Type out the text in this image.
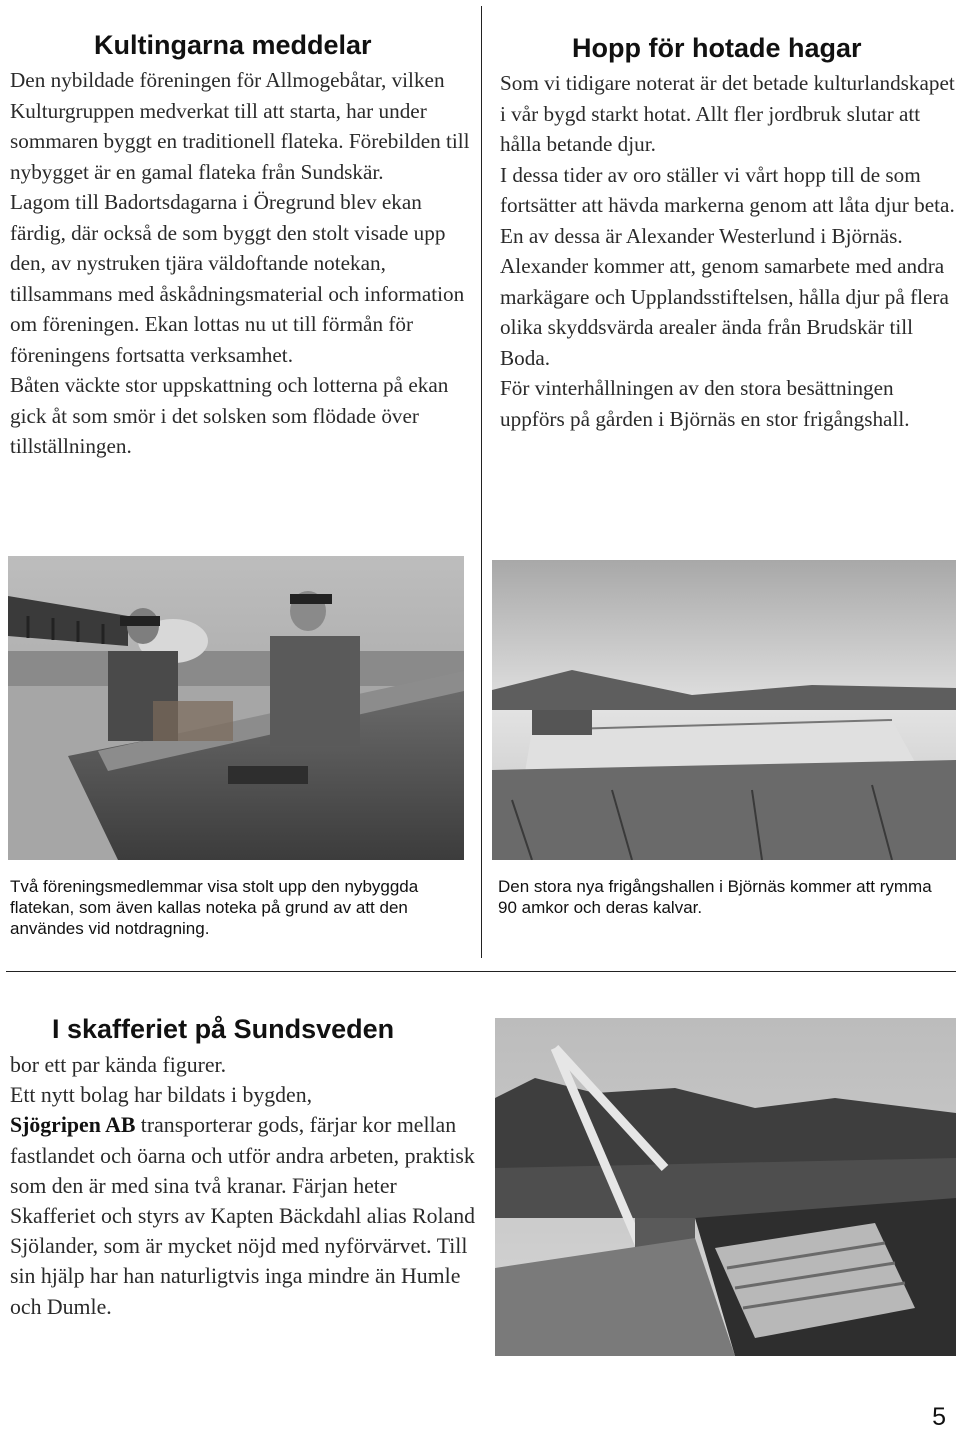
Kultingarna meddelar

Den nybildade föreningen för Allmogebåtar, vilken Kulturgruppen medverkat till att starta, har under sommaren byggt en traditionell flateka. Förebilden till nybygget är en gamal flateka från Sundskär.

Lagom till Badortsdagarna i Öregrund blev ekan färdig, där också de som byggt den stolt visade upp den, av nystruken tjära väldoftande notekan, tillsammans med åskådningsmaterial och information om föreningen. Ekan lottas nu ut till förmån för föreningens fortsatta verksamhet.

Båten väckte stor uppskattning och lotterna på ekan gick åt som smör i det solsken som flödade över tillställningen.

Hopp för hotade hagar

Som vi tidigare noterat är det betade kulturlandskapet i vår bygd starkt hotat. Allt fler jordbruk slutar att hålla betande djur.

I dessa tider av oro ställer vi vårt hopp till de som fortsätter att hävda markerna genom att låta djur beta.

En av dessa är Alexander Westerlund i Björnäs. Alexander kommer att, genom samarbete med andra markägare och Upplandsstiftelsen, hålla djur på flera olika skyddsvärda arealer ända från Brudskär till Boda.

För vinterhållningen av den stora besättningen uppförs på gården i Björnäs en stor frigångshall.

Två föreningsmedlemmar visa stolt upp den nybyggda flatekan, som även kallas noteka på grund av att den användes vid notdragning.
Den stora nya frigångshallen i Björnäs kommer att rymma 90 amkor och deras kalvar.
I skafferiet på Sundsveden

bor ett par kända figurer.

Ett nytt bolag har bildats i bygden,

Sjögripen AB transporterar gods, färjar kor mellan fastlandet och öarna och utför andra arbeten, praktisk som den är med sina två kranar. Färjan heter Skafferiet och styrs av Kapten Bäckdahl alias Roland Sjölander, som är mycket nöjd med nyförvärvet. Till sin hjälp har han naturligtvis inga mindre än Humle och Dumle.

5
